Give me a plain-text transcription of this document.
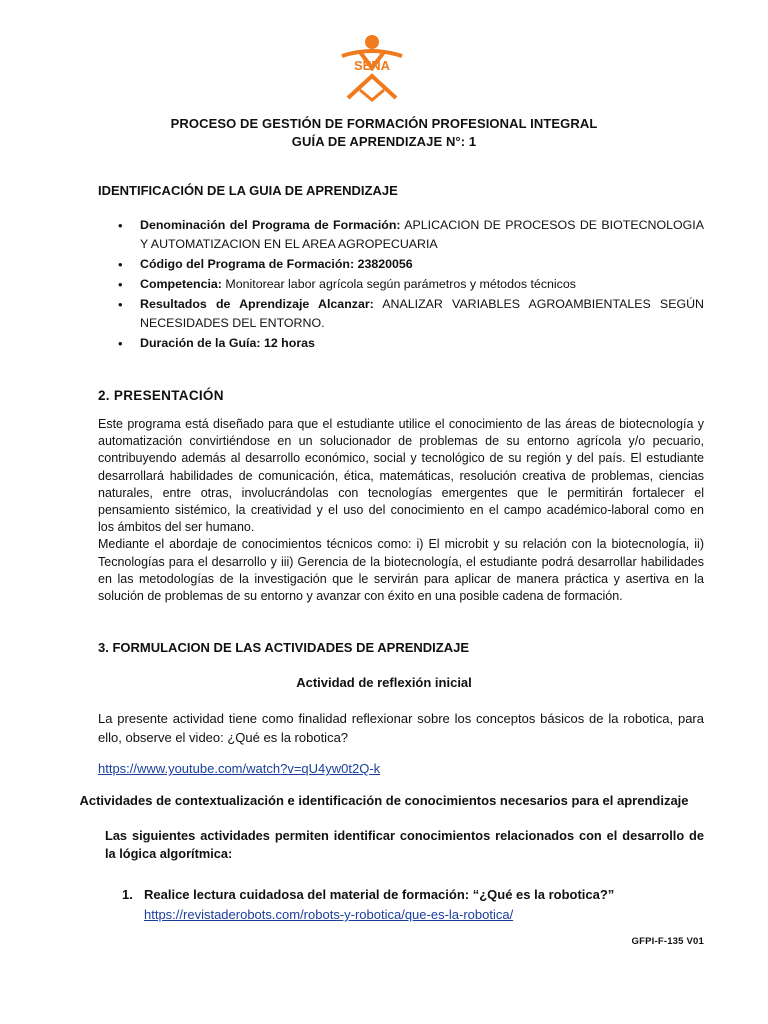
SENA
PROCESO DE GESTIÓN DE FORMACIÓN PROFESIONAL INTEGRAL
GUÍA DE APRENDIZAJE N°: 1
IDENTIFICACIÓN DE LA GUIA DE APRENDIZAJE
• Denominación del Programa de Formación: APLICACION DE PROCESOS DE BIOTECNOLOGIA Y AUTOMATIZACION EN EL AREA AGROPECUARIA
• Código del Programa de Formación: 23820056
• Competencia: Monitorear labor agrícola según parámetros y métodos técnicos
• Resultados de Aprendizaje Alcanzar: ANALIZAR VARIABLES AGROAMBIENTALES SEGÚN NECESIDADES DEL ENTORNO.
• Duración de la Guía: 12 horas
2. PRESENTACIÓN
Este programa está diseñado para que el estudiante utilice el conocimiento de las áreas de biotecnología y
automatización convirtiéndose en un solucionador de problemas de su entorno agrícola y/o pecuario,
contribuyendo además al desarrollo económico, social y tecnológico de su región y del país. El estudiante
desarrollará habilidades de comunicación, ética, matemáticas, resolución creativa de problemas, ciencias
naturales, entre otras, involucrándolas con tecnologías emergentes que le permitirán fortalecer el
pensamiento sistémico, la creatividad y el uso del conocimiento en el campo académico-laboral como en
los ámbitos del ser humano.
Mediante el abordaje de conocimientos técnicos como: i) El microbit y su relación con la biotecnología, ii)
Tecnologías para el desarrollo y iii) Gerencia de la biotecnología, el estudiante podrá desarrollar habilidades
en las metodologías de la investigación que le servirán para aplicar de manera práctica y asertiva en la
solución de problemas de su entorno y avanzar con éxito en una posible cadena de formación.
3. FORMULACION DE LAS ACTIVIDADES DE APRENDIZAJE
Actividad de reflexión inicial
La presente actividad tiene como finalidad reflexionar sobre los conceptos básicos de la robotica, para ello, observe el video: ¿Qué es la robotica?
https://www.youtube.com/watch?v=qU4yw0t2Q-k
Actividades de contextualización e identificación de conocimientos necesarios para el aprendizaje
Las siguientes actividades permiten identificar conocimientos relacionados con el desarrollo de la lógica algorítmica:
1. Realice lectura cuidadosa del material de formación: “¿Qué es la robotica?”
https://revistaderobots.com/robots-y-robotica/que-es-la-robotica/
GFPI-F-135 V01
